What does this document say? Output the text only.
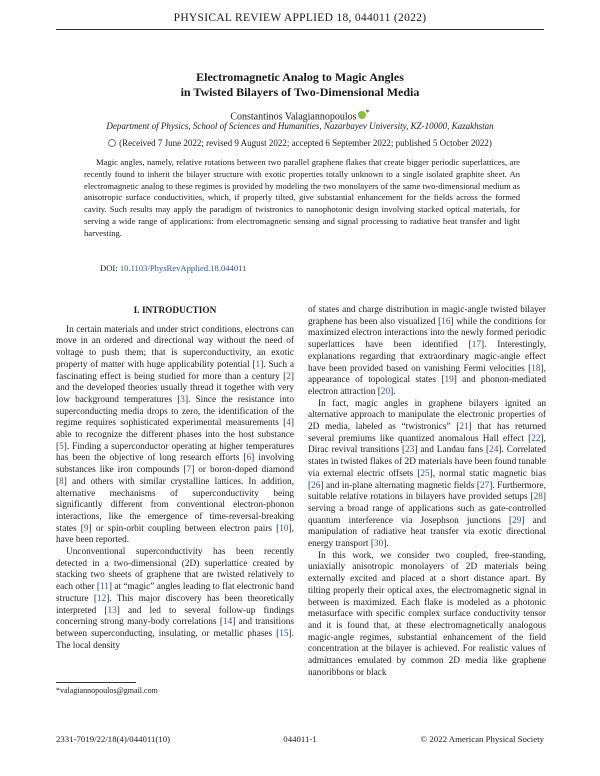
PHYSICAL REVIEW APPLIED 18, 044011 (2022)
Electromagnetic Analog to Magic Angles
in Twisted Bilayers of Two-Dimensional Media
Constantinos Valagiannopoulos *
Department of Physics, School of Sciences and Humanities, Nazarbayev University, KZ-10000, Kazakhstan
(Received 7 June 2022; revised 9 August 2022; accepted 6 September 2022; published 5 October 2022)
Magic angles, namely, relative rotations between two parallel graphene flakes that create bigger periodic superlattices, are recently found to inherit the bilayer structure with exotic properties totally unknown to a single isolated graphite sheet. An electromagnetic analog to these regimes is provided by modeling the two monolayers of the same two-dimensional medium as anisotropic surface conductivities, which, if properly tilted, give substantial enhancement for the fields across the formed cavity. Such results may apply the paradigm of twistronics to nanophotonic design involving stacked optical materials, for serving a wide range of applications: from electromagnetic sensing and signal processing to radiative heat transfer and light harvesting.
DOI: 10.1103/PhysRevApplied.18.044011
I. INTRODUCTION

In certain materials and under strict conditions, electrons can move in an ordered and directional way without the need of voltage to push them; that is superconductivity, an exotic property of matter with huge applicability potential [1]. Such a fascinating effect is being studied for more than a century [2] and the developed theories usually thread it together with very low background temperatures [3]. Since the resistance into superconducting media drops to zero, the identification of the regime requires sophisticated experimental measurements [4] able to recognize the different phases into the host substance [5]. Finding a superconductor operating at higher temperatures has been the objective of long research efforts [6] involving substances like iron compounds [7] or boron-doped diamond [8] and others with similar crystalline lattices. In addition, alternative mechanisms of superconductivity being significantly different from conventional electron-phonon interactions, like the emergence of time-reversal-breaking states [9] or spin-orbit coupling between electron pairs [10], have been reported.

Unconventional superconductivity has been recently detected in a two-dimensional (2D) superlattice created by stacking two sheets of graphene that are twisted relatively to each other [11] at “magic” angles leading to flat electronic band structure [12]. This major discovery has been theoretically interpreted [13] and led to several follow-up findings concerning strong many-body correlations [14] and transitions between superconducting, insulating, or metallic phases [15]. The local density

of states and charge distribution in magic-angle twisted bilayer graphene has been also visualized [16] while the conditions for maximized electron interactions into the newly formed periodic superlattices have been identified [17]. Interestingly, explanations regarding that extraordinary magic-angle effect have been provided based on vanishing Fermi velocities [18], appearance of topological states [19] and phonon-mediated electron attraction [20].

In fact, magic angles in graphene bilayers ignited an alternative approach to manipulate the electronic properties of 2D media, labeled as “twistronics” [21] that has returned several premiums like quantized anomalous Hall effect [22], Dirac revival transitions [23] and Landau fans [24]. Correlated states in twisted flakes of 2D materials have been found tunable via external electric offsets [25], normal static magnetic bias [26] and in-plane alternating magnetic fields [27]. Furthermore, suitable relative rotations in bilayers have provided setups [28] serving a broad range of applications such as gate-controlled quantum interference via Josephson junctions [29] and manipulation of radiative heat transfer via exotic directional energy transport [30].

In this work, we consider two coupled, free-standing, uniaxially anisotropic monolayers of 2D materials being externally excited and placed at a short distance apart. By tilting properly their optical axes, the electromagnetic signal in between is maximized. Each flake is modeled as a photonic metasurface with specific complex surface conductivity tensor and it is found that, at these electromagnetically analogous magic-angle regimes, substantial enhancement of the field concentration at the bilayer is achieved. For realistic values of admittances emulated by common 2D media like graphene nanoribbons or black

*valagiannopoulos@gmail.com
2331-7019/22/18(4)/044011(10)	044011-1	© 2022 American Physical Society
